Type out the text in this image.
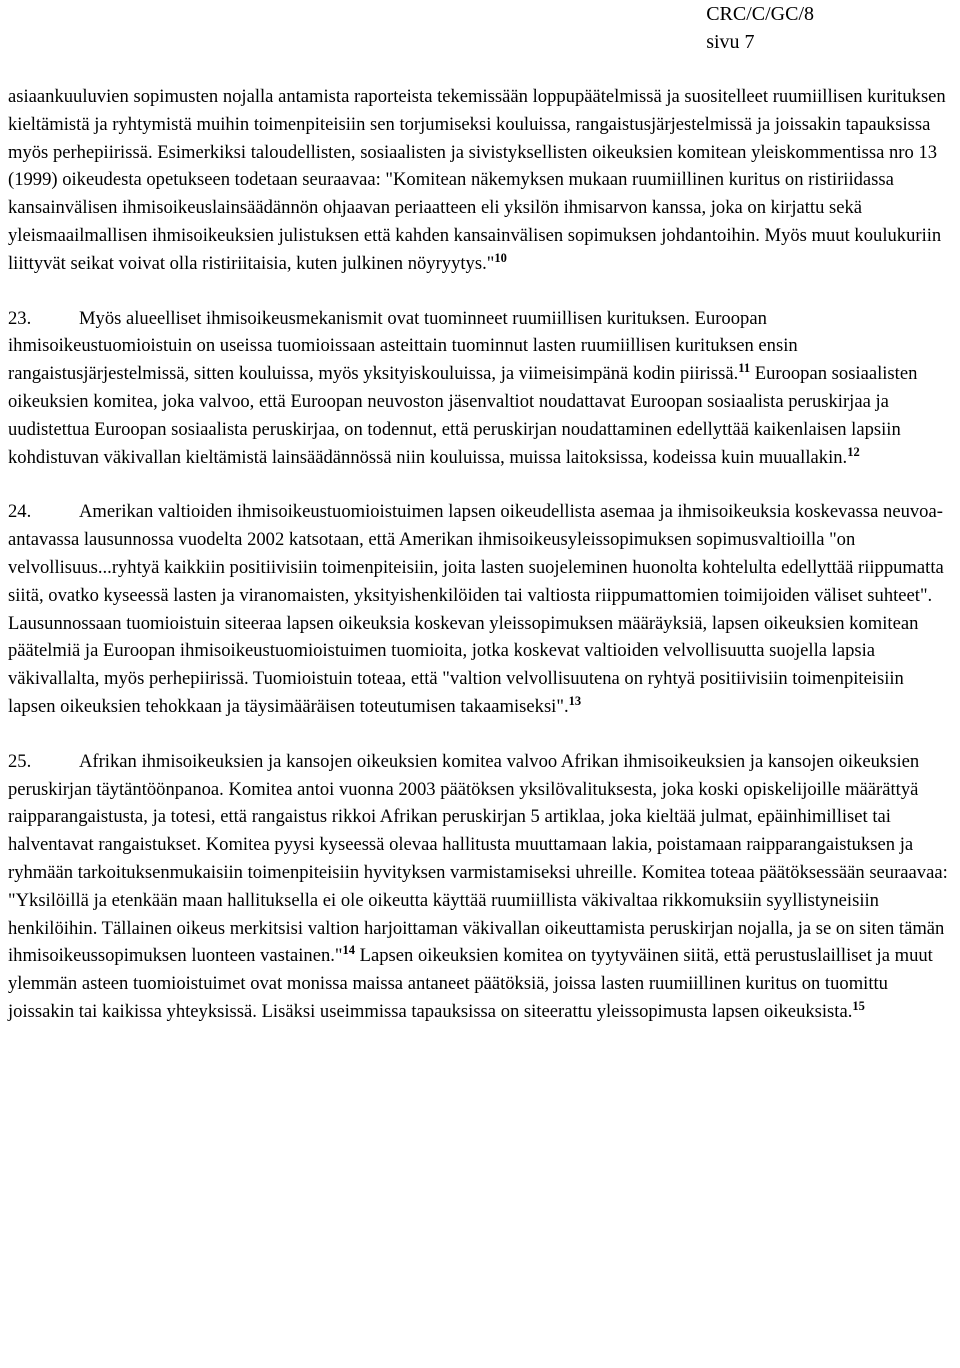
CRC/C/GC/8
sivu 7

asiaankuuluvien sopimusten nojalla antamista raporteista tekemissään loppupäätelmissä ja suositelleet ruumiillisen kurituksen kieltämistä ja ryhtymistä muihin toimenpiteisiin sen torjumiseksi kouluissa, rangaistusjärjestelmissä ja joissakin tapauksissa myös perhepiirissä. Esimerkiksi taloudellisten, sosiaalisten ja sivistyksellisten oikeuksien komitean yleiskommentissa nro 13 (1999) oikeudesta opetukseen todetaan seuraavaa: "Komitean näkemyksen mukaan ruumiillinen kuritus on ristiriidassa kansainvälisen ihmisoikeuslainsäädännön ohjaavan periaatteen eli yksilön ihmisarvon kanssa, joka on kirjattu sekä yleismaailmallisen ihmisoikeuksien julistuksen että kahden kansainvälisen sopimuksen johdantoihin. Myös muut koulukuriin liittyvät seikat voivat olla ristiriitaisia, kuten julkinen nöyryytys."$^{10}$

23.	Myös alueelliset ihmisoikeusmekanismit ovat tuominneet ruumiillisen kurituksen. Euroopan ihmisoikeustuomioistuin on useissa tuomioissaan asteittain tuominnut lasten ruumiillisen kurituksen ensin rangaistusjärjestelmissä, sitten kouluissa, myös yksityiskouluissa, ja viimeisimpänä kodin piirissä.$^{11}$ Euroopan sosiaalisten oikeuksien komitea, joka valvoo, että Euroopan neuvoston jäsenvaltiot noudattavat Euroopan sosiaalista peruskirjaa ja uudistettua Euroopan sosiaalista peruskirjaa, on todennut, että peruskirjan noudattaminen edellyttää kaikenlaisen lapsiin kohdistuvan väkivallan kieltämistä lainsäädännössä niin kouluissa, muissa laitoksissa, kodeissa kuin muuallakin.$^{12}$

24.	Amerikan valtioiden ihmisoikeustuomioistuimen lapsen oikeudellista asemaa ja ihmisoikeuksia koskevassa neuvoa-antavassa lausunnossa vuodelta 2002 katsotaan, että Amerikan ihmisoikeusyleissopimuksen sopimusvaltioilla "on velvollisuus...ryhtyä kaikkiin positiivisiin toimenpiteisiin, joita lasten suojeleminen huonolta kohtelulta edellyttää riippumatta siitä, ovatko kyseessä lasten ja viranomaisten, yksityishenkilöiden tai valtiosta riippumattomien toimijoiden väliset suhteet". Lausunnossaan tuomioistuin siteeraa lapsen oikeuksia koskevan yleissopimuksen määräyksiä, lapsen oikeuksien komitean päätelmiä ja Euroopan ihmisoikeustuomioistuimen tuomioita, jotka koskevat valtioiden velvollisuutta suojella lapsia väkivallalta, myös perhepiirissä. Tuomioistuin toteaa, että "valtion velvollisuutena on ryhtyä positiivisiin toimenpiteisiin lapsen oikeuksien tehokkaan ja täysimääräisen toteutumisen takaamiseksi".$^{13}$

25.	Afrikan ihmisoikeuksien ja kansojen oikeuksien komitea valvoo Afrikan ihmisoikeuksien ja kansojen oikeuksien peruskirjan täytäntöönpanoa. Komitea antoi vuonna 2003 päätöksen yksilövalituksesta, joka koski opiskelijoille määrättyä raipparangaistusta, ja totesi, että rangaistus rikkoi Afrikan peruskirjan 5 artiklaa, joka kieltää julmat, epäinhimilliset tai halventavat rangaistukset. Komitea pyysi kyseessä olevaa hallitusta muuttamaan lakia, poistamaan raipparangaistuksen ja ryhmään tarkoituksenmukaisiin toimenpiteisiin hyvityksen varmistamiseksi uhreille. Komitea toteaa päätöksessään seuraavaa: "Yksilöillä ja etenkään maan hallituksella ei ole oikeutta käyttää ruumiillista väkivaltaa rikkomuksiin syyllistyneisiin henkilöihin. Tällainen oikeus merkitsisi valtion harjoittaman väkivallan oikeuttamista peruskirjan nojalla, ja se on siten tämän ihmisoikeussopimuksen luonteen vastainen."$^{14}$ Lapsen oikeuksien komitea on tyytyväinen siitä, että perustuslailliset ja muut ylemmän asteen tuomioistuimet ovat monissa maissa antaneet päätöksiä, joissa lasten ruumiillinen kuritus on tuomittu joissakin tai kaikissa yhteyksissä. Lisäksi useimmissa tapauksissa on siteerattu yleissopimusta lapsen oikeuksista.$^{15}$
